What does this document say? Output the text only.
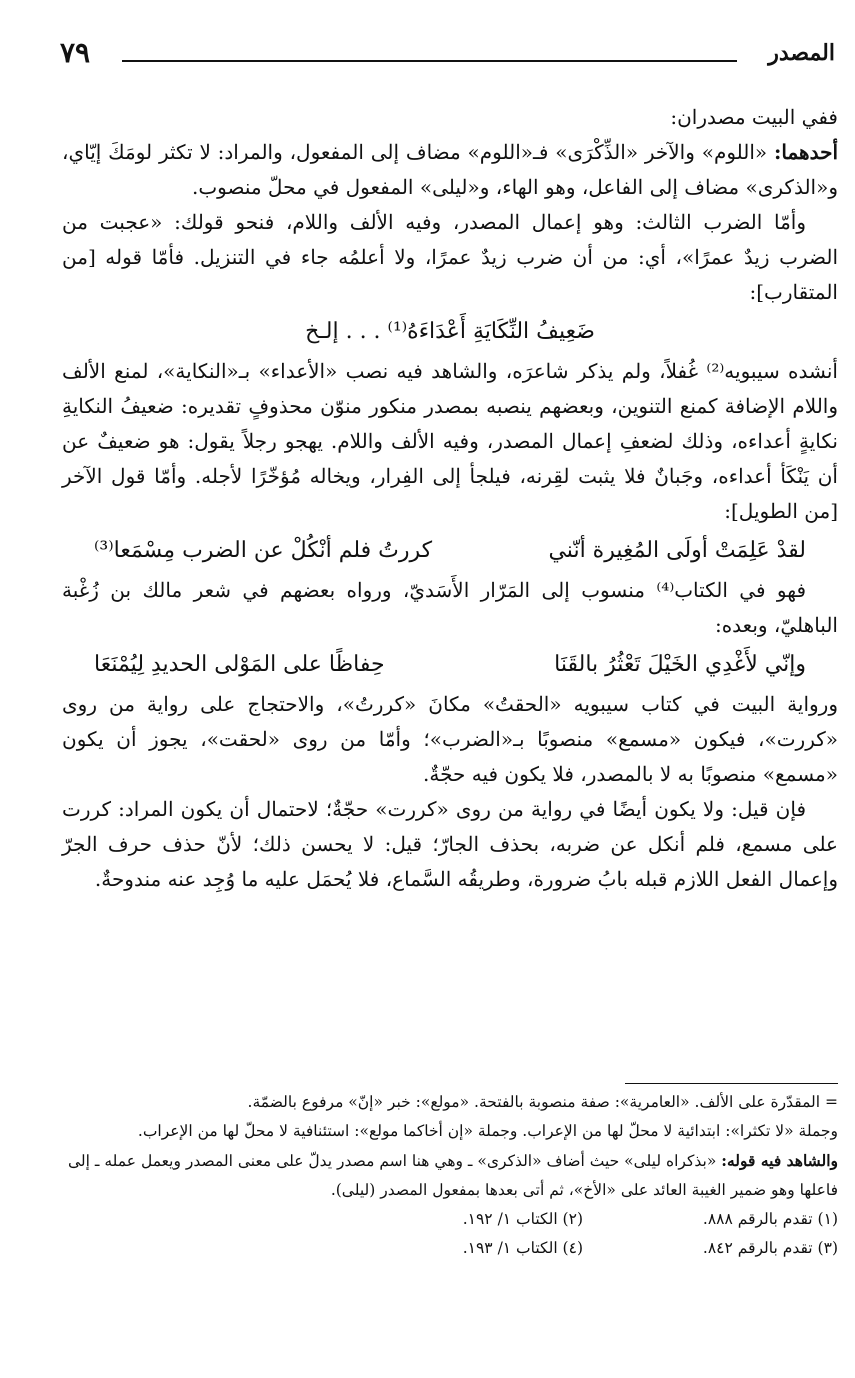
٧٩	المصدر

ففي البيت مصدران:

أحدهما: «اللوم» والآخر «الذِّكْرَى» فـ«اللوم» مضاف إلى المفعول، والمراد: لا تكثر لومَكَ إيّاي، و«الذكرى» مضاف إلى الفاعل، وهو الهاء، و«ليلى» المفعول في محلّ منصوب.

وأمّا الضرب الثالث: وهو إعمال المصدر، وفيه الألف واللام، فنحو قولك: «عجبت من الضرب زيدٌ عمرًا»، أي: من أن ضرب زيدٌ عمرًا، ولا أعلمُه جاء في التنزيل. فأمّا قوله [من المتقارب]:

ضَعِيفُ النِّكَايَةِ أَعْدَاءَهُ⁽¹⁾ . . . إلـخ

أنشده سيبويه⁽²⁾ غُفلاً، ولم يذكر شاعرَه، والشاهد فيه نصب «الأعداء» بـ«النكاية»، لمنع الألف واللام الإضافة كمنع التنوين، وبعضهم ينصبه بمصدر منكور منوّن محذوفٍ تقديره: ضعيفُ النكايةِ نكايةٍ أعداءه، وذلك لضعفِ إعمال المصدر، وفيه الألف واللام. يهجو رجلاً يقول: هو ضعيفٌ عن أن يَنْكَأ أعداءه، وجَبانٌ فلا يثبت لقِرنه، فيلجأ إلى الفِرار، ويخاله مُؤخّرًا لأجله. وأمّا قول الآخر [من الطويل]:

لقدْ عَلِمَتْ أولَى المُغِيرة أنّني
كررتُ فلم أنْكُلْ عن الضرب مِسْمَعا⁽³⁾

فهو في الكتاب⁽⁴⁾ منسوب إلى المَرّار الأَسَديّ، ورواه بعضهم في شعر مالك بن زُغْبة الباهليّ، وبعده:

وإنّي لأَغْدِي الخَيْلَ تَعْثُرُ بالقَنَا
حِفاظًا على المَوْلى الحديدِ لِيُمْنَعَا

ورواية البيت في كتاب سيبويه «الحقتُ» مكانَ «كررتُ»، والاحتجاج على رواية من روى «كررت»، فيكون «مسمع» منصوبًا بـ«الضرب»؛ وأمّا من روى «لحقت»، يجوز أن يكون «مسمع» منصوبًا به لا بالمصدر، فلا يكون فيه حجّةٌ.

فإن قيل: ولا يكون أيضًا في رواية من روى «كررت» حجّةٌ؛ لاحتمال أن يكون المراد: كررت على مسمع، فلم أنكل عن ضربه، بحذف الجارّ؛ قيل: لا يحسن ذلك؛ لأنّ حذف حرف الجرّ وإعمال الفعل اللازم قبله بابُ ضرورة، وطريقُه السَّماع، فلا يُحمَل عليه ما وُجِد عنه مندوحةٌ.

= المقدّرة على الألف. «العامرية»: صفة منصوبة بالفتحة. «مولع»: خبر «إنّ» مرفوع بالضمّة.

وجملة «لا تكثرا»: ابتدائية لا محلّ لها من الإعراب. وجملة «إن أخاكما مولع»: استئنافية لا محلّ لها من الإعراب.

والشاهد فيه قوله: «بذكراه ليلى» حيث أضاف «الذكرى» ـ وهي هنا اسم مصدر يدلّ على معنى المصدر ويعمل عمله ـ إلى فاعلها وهو ضمير الغيبة العائد على «الأخ»، ثم أتى بعدها بمفعول المصدر (ليلى).

(١) تقدم بالرقم ٨٨٨.
(٢) الكتاب ١/ ١٩٢.
(٣) تقدم بالرقم ٨٤٢.
(٤) الكتاب ١/ ١٩٣.
